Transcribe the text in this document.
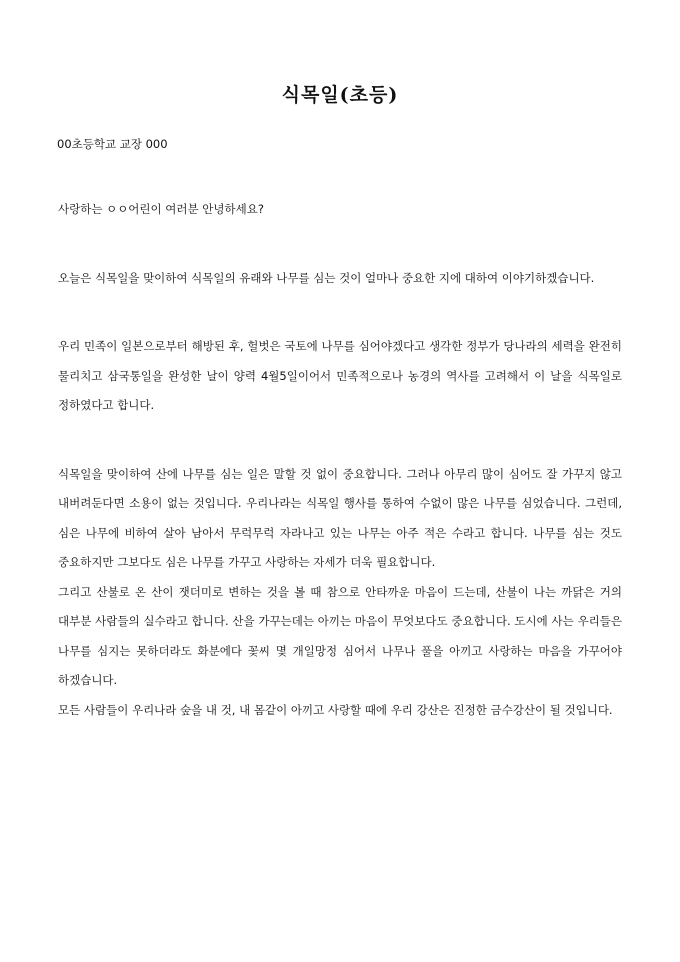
식목일(초등)
00초등학교 교장 000

사랑하는 ㅇㅇ어린이 여러분 안녕하세요?

오늘은 식목일을 맞이하여 식목일의 유래와 나무를 심는 것이 얼마나 중요한 지에 대하여 이야기하겠습니다.

우리 민족이 일본으로부터 해방된 후, 헐벗은 국토에 나무를 심어야겠다고 생각한 정부가 당나라의 세력을 완전히 물리치고 삼국통일을 완성한 날이 양력 4월5일이어서 민족적으로나 농경의 역사를 고려해서 이 날을 식목일로 정하였다고 합니다.

식목일을 맞이하여 산에 나무를 심는 일은 말할 것 없이 중요합니다. 그러나 아무리 많이 심어도 잘 가꾸지 않고 내버려둔다면 소용이 없는 것입니다. 우리나라는 식목일 행사를 통하여 수없이 많은 나무를 심었습니다. 그런데, 심은 나무에 비하여 살아 남아서 무럭무럭 자라나고 있는 나무는 아주 적은 수라고 합니다. 나무를 심는 것도 중요하지만 그보다도 심은 나무를 가꾸고 사랑하는 자세가 더욱 필요합니다.

그리고 산불로 온 산이 잿더미로 변하는 것을 볼 때 참으로 안타까운 마음이 드는데, 산불이 나는 까닭은 거의 대부분 사람들의 실수라고 합니다. 산을 가꾸는데는 아끼는 마음이 무엇보다도 중요합니다. 도시에 사는 우리들은 나무를 심지는 못하더라도 화분에다 꽃씨 몇 개일망정 심어서 나무나 풀을 아끼고 사랑하는 마음을 가꾸어야 하겠습니다.

모든 사람들이 우리나라 숲을 내 것, 내 몸같이 아끼고 사랑할 때에 우리 강산은 진정한 금수강산이 될 것입니다.
